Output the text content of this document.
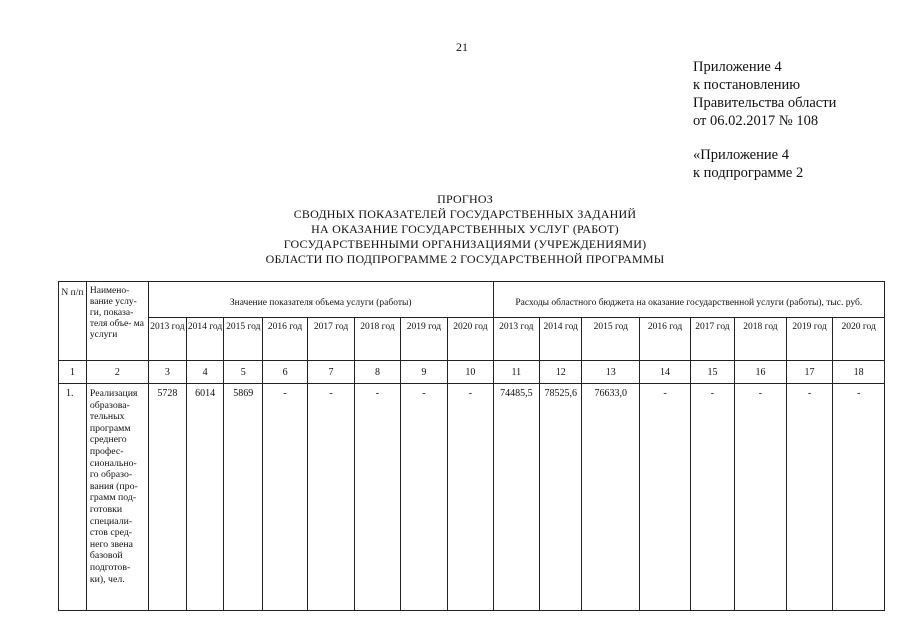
21
Приложение 4
к постановлению
Правительства области
от 06.02.2017 № 108
«Приложение 4
к подпрограмме 2
ПРОГНОЗ
СВОДНЫХ ПОКАЗАТЕЛЕЙ ГОСУДАРСТВЕННЫХ ЗАДАНИЙ
НА ОКАЗАНИЕ ГОСУДАРСТВЕННЫХ УСЛУГ (РАБОТ)
ГОСУДАРСТВЕННЫМИ ОРГАНИЗАЦИЯМИ (УЧРЕЖДЕНИЯМИ)
ОБЛАСТИ ПО ПОДПРОГРАММЕ 2 ГОСУДАРСТВЕННОЙ ПРОГРАММЫ
N п/п	Наимено- вание услу- ги, показа- теля объе- ма услуги	Значение показателя объема услуги (работы)								Расходы областного бюджета на оказание государственной услуги (работы), тыс. руб.							
		2013 год	2014 год	2015 год	2016 год	2017 год	2018 год	2019 год	2020 год	2013 год	2014 год	2015 год	2016 год	2017 год	2018 год	2019 год	2020 год
1	2	3	4	5	6	7	8	9	10	11	12	13	14	15	16	17	18
1.	Реализация образова- тельных программ среднего профес- сионально- го образо- вания (про- грамм под- готовки специали- стов сред- него звена базовой подготов- ки), чел.	5728	6014	5869	-	-	-	-	-	74485,5	78525,6	76633,0	-	-	-	-	-
